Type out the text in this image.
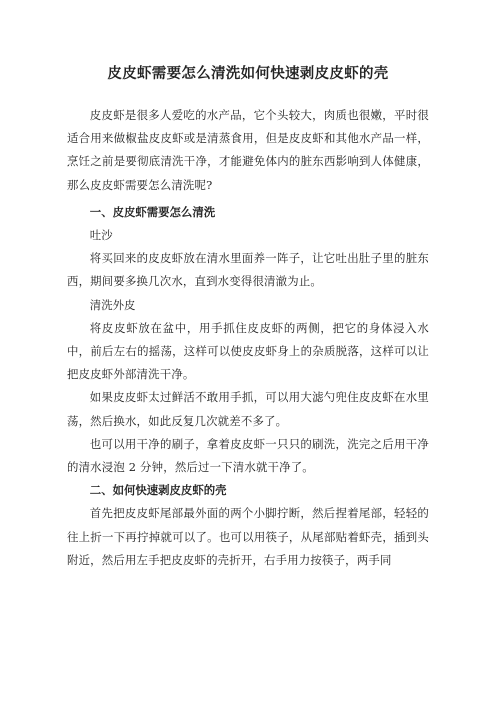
皮皮虾需要怎么清洗如何快速剥皮皮虾的壳

皮皮虾是很多人爱吃的水产品，它个头较大，肉质也很嫩，平时很适合用来做椒盐皮皮虾或是清蒸食用，但是皮皮虾和其他水产品一样，烹饪之前是要彻底清洗干净，才能避免体内的脏东西影响到人体健康，那么皮皮虾需要怎么清洗呢?

一、皮皮虾需要怎么清洗

吐沙

将买回来的皮皮虾放在清水里面养一阵子，让它吐出肚子里的脏东西，期间要多换几次水，直到水变得很清澈为止。

清洗外皮

将皮皮虾放在盆中，用手抓住皮皮虾的两侧，把它的身体浸入水中，前后左右的摇荡，这样可以使皮皮虾身上的杂质脱落，这样可以让把皮皮虾外部清洗干净。

如果皮皮虾太过鲜活不敢用手抓，可以用大滤勺兜住皮皮虾在水里荡，然后换水，如此反复几次就差不多了。

也可以用干净的刷子，拿着皮皮虾一只只的刷洗，洗完之后用干净的清水浸泡 2 分钟，然后过一下清水就干净了。

二、如何快速剥皮皮虾的壳

首先把皮皮虾尾部最外面的两个小脚拧断，然后捏着尾部，轻轻的往上折一下再拧掉就可以了。也可以用筷子，从尾部贴着虾壳，插到头附近，然后用左手把皮皮虾的壳折开，右手用力按筷子，两手同
